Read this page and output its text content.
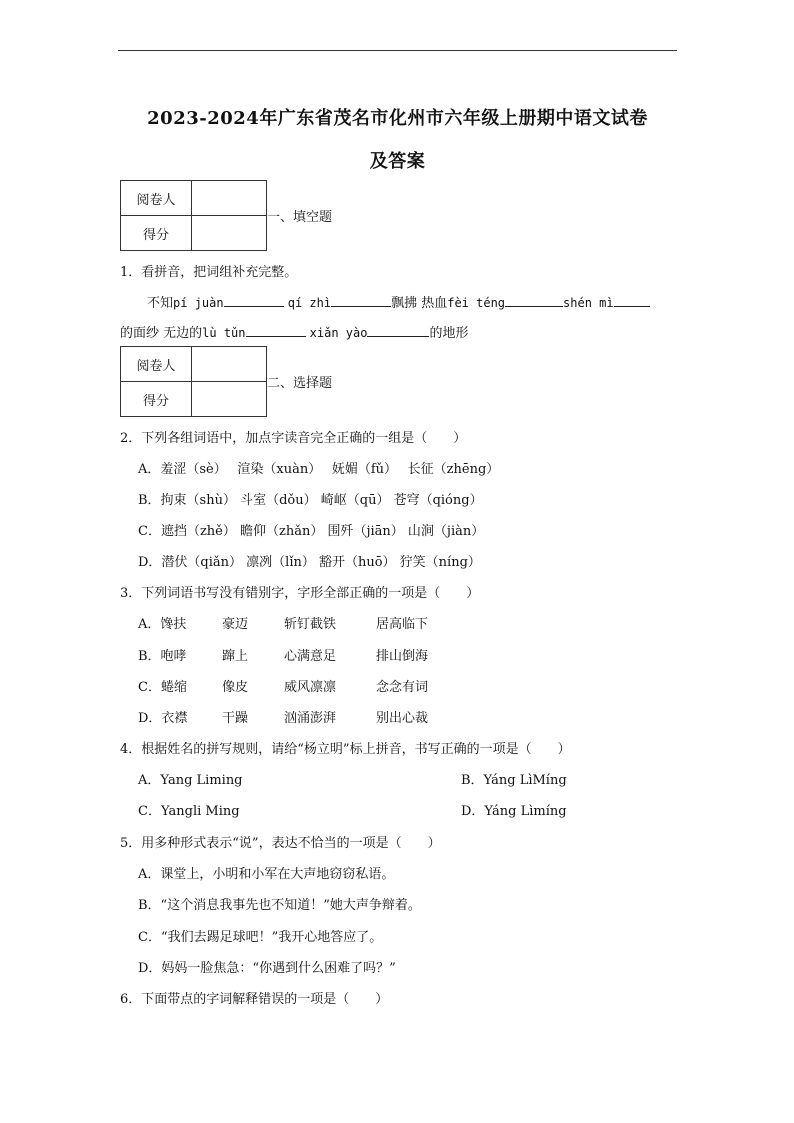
2023-2024年广东省茂名市化州市六年级上册期中语文试卷
及答案
阅卷人	
得分	
一、填空题
1．看拼音，把词组补充完整。
不知pí juàn	qí zhì	飘拂 热血fèi téng	shén mì
的面纱 无边的lù tǔn	xiǎn yào	的地形
阅卷人	
得分	
二、选择题
2．下列各组词语中，加点字读音完全正确的一组是（　　）
A．羞涩（sè）　 渲染（xuàn）　 妩媚（fǔ）　 长征（zhēng）
B．拘束（shù） 斗室（dǒu） 崎岖（qū） 苍穹（qióng）
C．遮挡（zhě） 瞻仰（zhǎn） 围歼（jiān） 山涧（jiàn）
D．潜伏（qiǎn） 凛冽（lǐn） 豁开（huō） 狞笑（níng）
3．下列词语书写没有错别字，字形全部正确的一项是（　　）
A．馋扶	豪迈	斩钉截铁	居高临下
B．咆哮	蹿上	心满意足	排山倒海
C．蜷缩	像皮	威风凛凛	念念有词
D．衣襟	干躁	汹涌澎湃	别出心裁
4．根据姓名的拼写规则，请给“杨立明”标上拼音，书写正确的一项是（　　）
A．Yang Liming	B．Yáng LìMíng
C．Yangli Ming	D．Yáng Lìmíng
5．用多种形式表示“说”，表达不恰当的一项是（　　）
A．课堂上，小明和小军在大声地窃窃私语。
B．“这个消息我事先也不知道！”她大声争辩着。
C．“我们去踢足球吧！”我开心地答应了。
D．妈妈一脸焦急：“你遇到什么困难了吗？”
6．下面带点的字词解释错误的一项是（　　）
